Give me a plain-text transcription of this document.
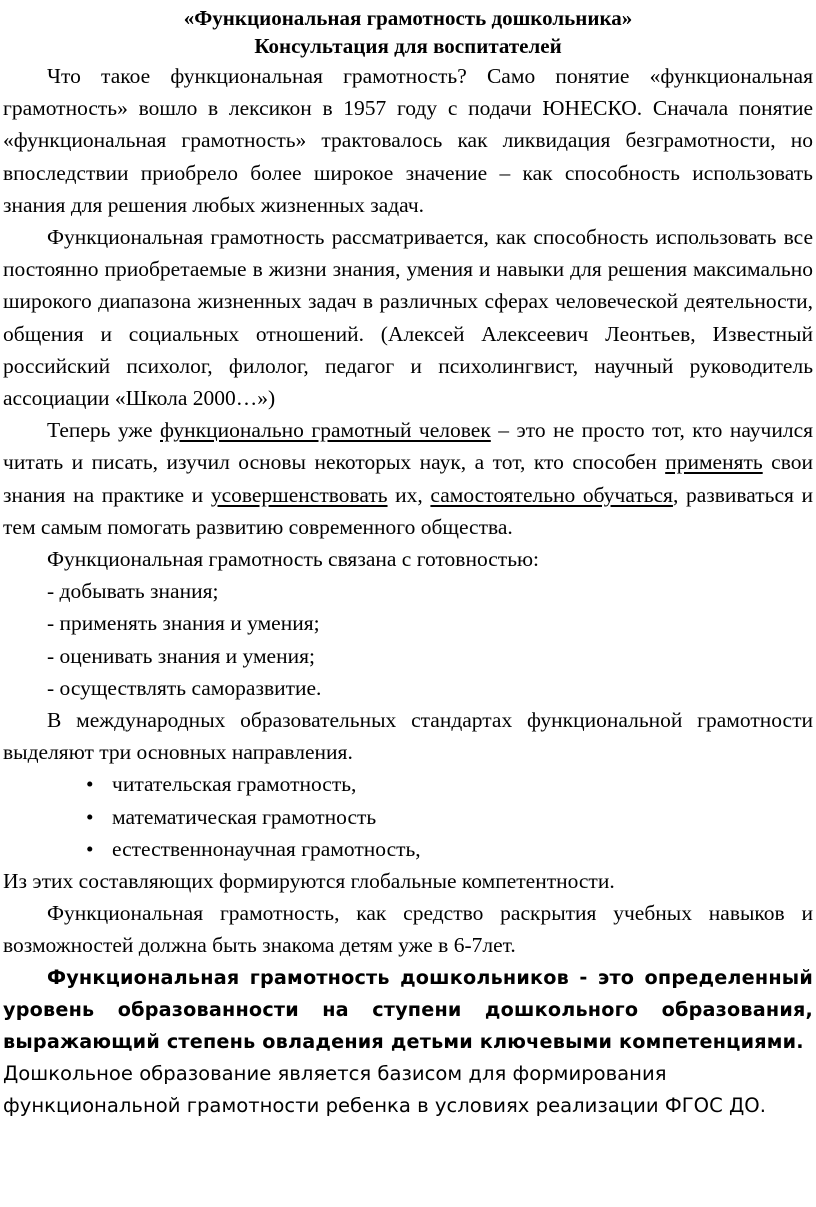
«Функциональная грамотность дошкольника»

Консультация для воспитателей

Что такое функциональная грамотность? Само понятие «функциональная грамотность» вошло в лексикон в 1957 году с подачи ЮНЕСКО. Сначала понятие «функциональная грамотность» трактовалось как ликвидация безграмотности, но впоследствии приобрело более широкое значение – как способность использовать знания для решения любых жизненных задач.

Функциональная грамотность рассматривается, как способность использовать все постоянно приобретаемые в жизни знания, умения и навыки для решения максимально широкого диапазона жизненных задач в различных сферах человеческой деятельности, общения и социальных отношений. (Алексей Алексеевич Леонтьев, Известный российский психолог, филолог, педагог и психолингвист, научный руководитель ассоциации «Школа 2000…»)

Теперь уже функционально грамотный человек – это не просто тот, кто научился читать и писать, изучил основы некоторых наук, а тот, кто способен применять свои знания на практике и усовершенствовать их, самостоятельно обучаться, развиваться и тем самым помогать развитию современного общества.

Функциональная грамотность связана с готовностью:

- добывать знания;

- применять знания и умения;

- оценивать знания и умения;

- осуществлять саморазвитие.

В международных образовательных стандартах функциональной грамотности выделяют три основных направления.

• читательская грамотность,
• математическая грамотность
• естественнонаучная грамотность,

Из этих составляющих формируются глобальные компетентности.

Функциональная грамотность, как средство раскрытия учебных навыков и возможностей должна быть знакома детям уже в 6-7лет.

Функциональная грамотность дошкольников - это определенный уровень образованности на ступени дошкольного образования, выражающий степень овладения детьми ключевыми компетенциями.

Дошкольное образование является базисом для формирования функциональной грамотности ребенка в условиях реализации ФГОС ДО.
